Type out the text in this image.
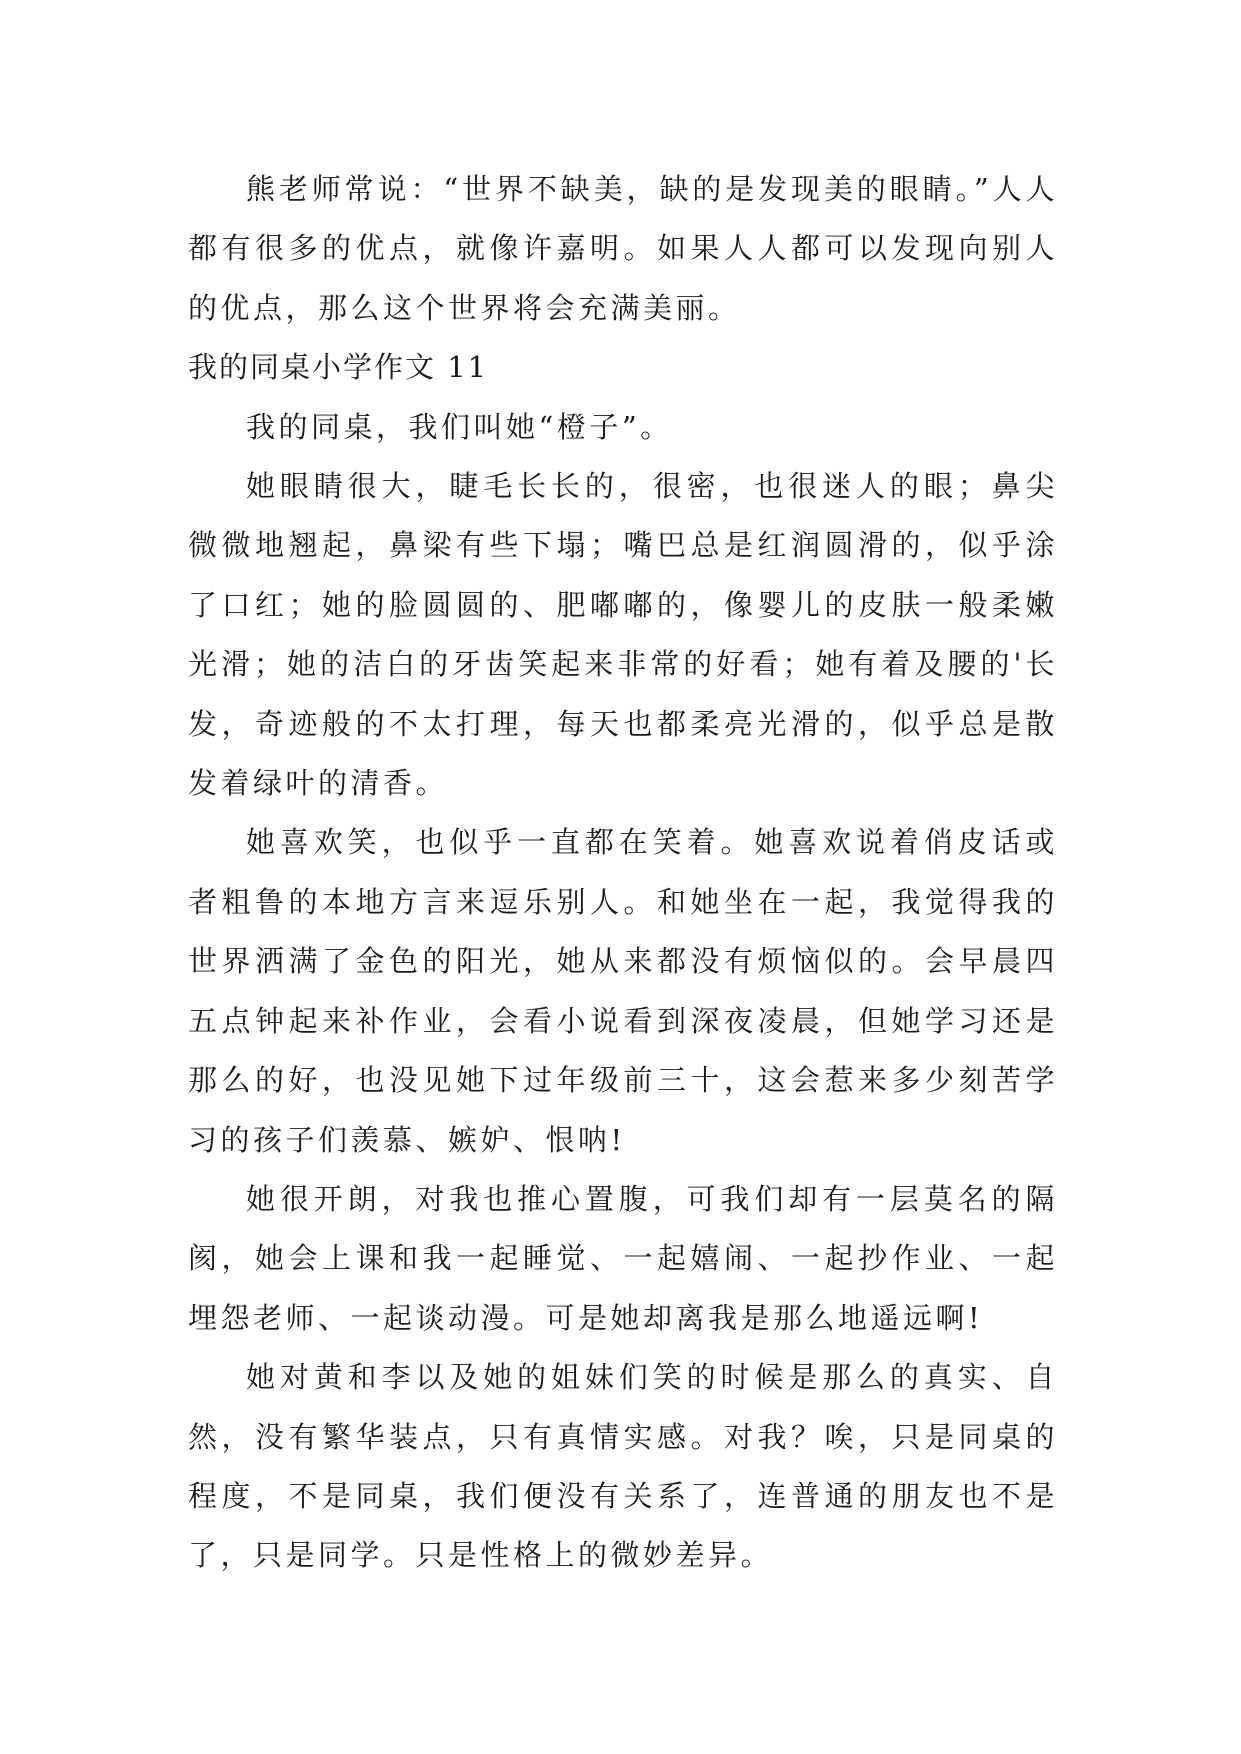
熊老师常说：“世界不缺美，缺的是发现美的眼睛。”人人都有很多的优点，就像许嘉明。如果人人都可以发现向别人的优点，那么这个世界将会充满美丽。

我的同桌小学作文 11

我的同桌，我们叫她“橙子”。

她眼睛很大，睫毛长长的，很密，也很迷人的眼；鼻尖微微地翘起，鼻梁有些下塌；嘴巴总是红润圆滑的，似乎涂了口红；她的脸圆圆的、肥嘟嘟的，像婴儿的皮肤一般柔嫩光滑；她的洁白的牙齿笑起来非常的好看；她有着及腰的'长发，奇迹般的不太打理，每天也都柔亮光滑的，似乎总是散发着绿叶的清香。

她喜欢笑，也似乎一直都在笑着。她喜欢说着俏皮话或者粗鲁的本地方言来逗乐别人。和她坐在一起，我觉得我的世界洒满了金色的阳光，她从来都没有烦恼似的。会早晨四五点钟起来补作业，会看小说看到深夜凌晨，但她学习还是那么的好，也没见她下过年级前三十，这会惹来多少刻苦学习的孩子们羡慕、嫉妒、恨呐!

她很开朗，对我也推心置腹，可我们却有一层莫名的隔阂，她会上课和我一起睡觉、一起嬉闹、一起抄作业、一起埋怨老师、一起谈动漫。可是她却离我是那么地遥远啊!

她对黄和李以及她的姐妹们笑的时候是那么的真实、自然，没有繁华装点，只有真情实感。对我？唉，只是同桌的程度，不是同桌，我们便没有关系了，连普通的朋友也不是了，只是同学。只是性格上的微妙差异。
